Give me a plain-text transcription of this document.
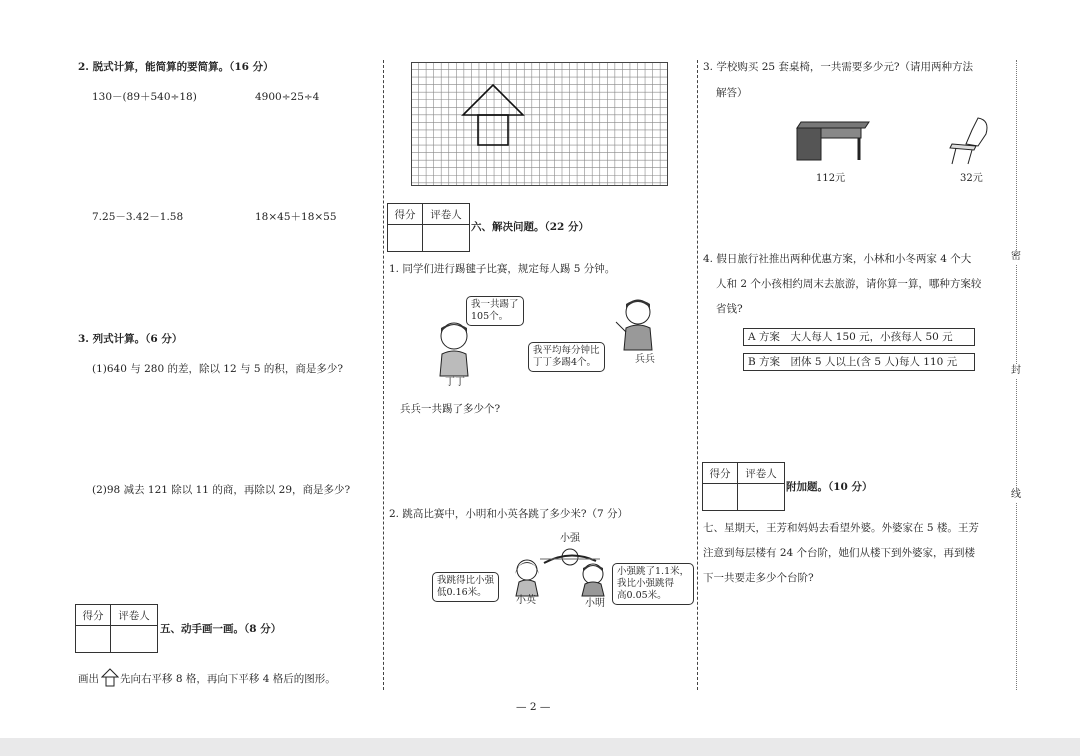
2. 脱式计算，能简算的要简算。（16 分）
130－(89＋540÷18)	4900÷25÷4
7.25－3.42－1.58	18×45＋18×55
3. 列式计算。（6 分）
(1)640 与 280 的差，除以 12 与 5 的积，商是多少?
(2)98 减去 121 除以 11 的商，再除以 29，商是多少?
得分	评卷人

五、动手画一画。（8 分）
画出 先向右平移 8 格，再向下平移 4 格后的图形。
得分	评卷人

六、解决问题。（22 分）
1. 同学们进行踢毽子比赛，规定每人踢 5 分钟。
我一共踢了
105个。
丁丁
我平均每分钟比
丁丁多踢4个。	兵兵
兵兵一共踢了多少个?
2. 跳高比赛中，小明和小英各跳了多少米?（7 分）
小强
我跳得比小强
低0.16米。
小英	小明
小强跳了1.1米，
我比小强跳得
高0.05米。
3. 学校购买 25 套桌椅，一共需要多少元?（请用两种方法
解答）
112元	32元
4. 假日旅行社推出两种优惠方案，小林和小冬两家 4 个大
人和 2 个小孩相约周末去旅游，请你算一算，哪种方案较
省钱?
A 方案　大人每人 150 元，小孩每人 50 元
B 方案　团体 5 人以上(含 5 人)每人 110 元
得分	评卷人

附加题。（10 分）
七、星期天，王芳和妈妈去看望外婆。外婆家在 5 楼。王芳
注意到每层楼有 24 个台阶，她们从楼下到外婆家，再到楼
下一共要走多少个台阶?
密
封
线
— 2 —
